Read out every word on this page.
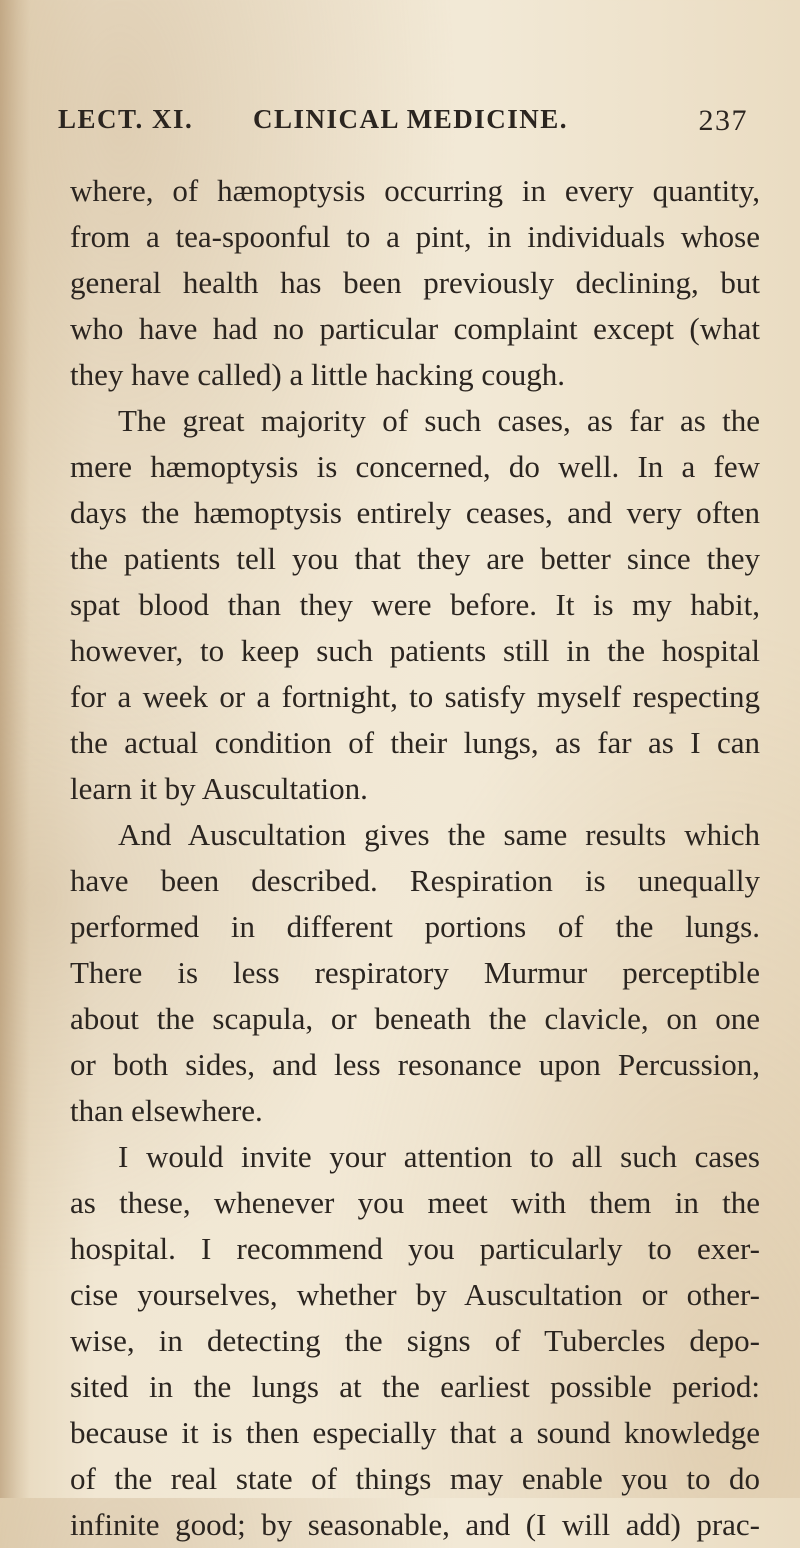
LECT. XI. CLINICAL MEDICINE.	237
where, of hæmoptysis occurring in every quantity,
from a tea-spoonful to a pint, in individuals whose
general health has been previously declining, but
who have had no particular complaint except (what
they have called) a little hacking cough.
The great majority of such cases, as far as the
mere hæmoptysis is concerned, do well. In a few
days the hæmoptysis entirely ceases, and very often
the patients tell you that they are better since they
spat blood than they were before. It is my habit,
however, to keep such patients still in the hospital
for a week or a fortnight, to satisfy myself respecting
the actual condition of their lungs, as far as I can
learn it by Auscultation.
And Auscultation gives the same results which
have been described. Respiration is unequally
performed in different portions of the lungs.
There is less respiratory Murmur perceptible
about the scapula, or beneath the clavicle, on one
or both sides, and less resonance upon Percussion,
than elsewhere.
I would invite your attention to all such cases
as these, whenever you meet with them in the
hospital. I recommend you particularly to exer-
cise yourselves, whether by Auscultation or other-
wise, in detecting the signs of Tubercles depo-
sited in the lungs at the earliest possible period:
because it is then especially that a sound knowledge
of the real state of things may enable you to do
infinite good; by seasonable, and (I will add) prac-
